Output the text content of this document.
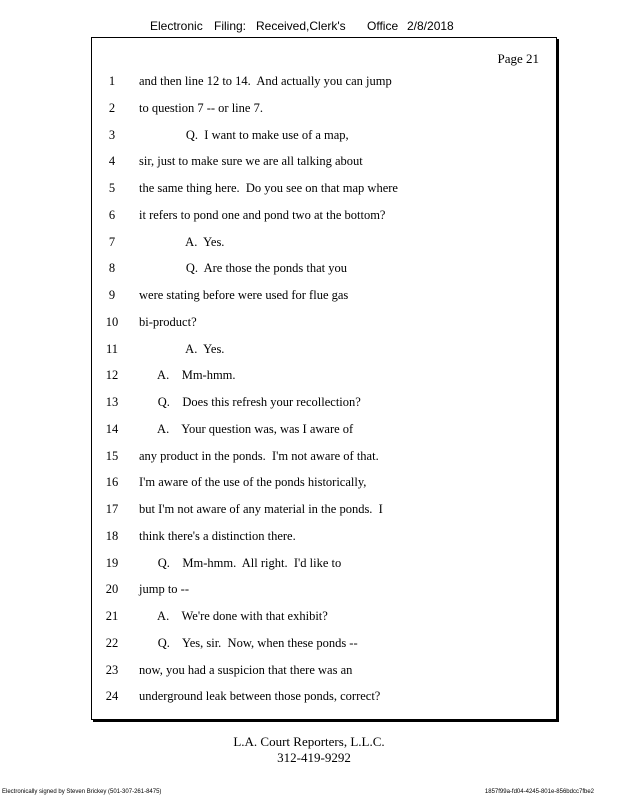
Electronic Filing: Received,Clerk's Office 2/8/2018
Page 21
1	and then line 12 to 14.  And actually you can jump
2	to question 7 -- or line 7.
3	Q.  I want to make use of a map,
4	sir, just to make sure we are all talking about
5	the same thing here.  Do you see on that map where
6	it refers to pond one and pond two at the bottom?
7	A.  Yes.
8	Q.  Are those the ponds that you
9	were stating before were used for flue gas
10	bi-product?
11	A.  Yes.
12	A.    Mm-hmm.
13	Q.    Does this refresh your recollection?
14	A.    Your question was, was I aware of
15	any product in the ponds.  I'm not aware of that.
16	I'm aware of the use of the ponds historically,
17	but I'm not aware of any material in the ponds.  I
18	think there's a distinction there.
19	Q.    Mm-hmm.  All right.  I'd like to
20	jump to --
21	A.    We're done with that exhibit?
22	Q.    Yes, sir.  Now, when these ponds --
23	now, you had a suspicion that there was an
24	underground leak between those ponds, correct?
L.A. Court Reporters, L.L.C.
312-419-9292
Electronically signed by Steven Brickey (501-307-261-8475)	1857f99a-fd04-4245-801e-856bdcc7fbe2
